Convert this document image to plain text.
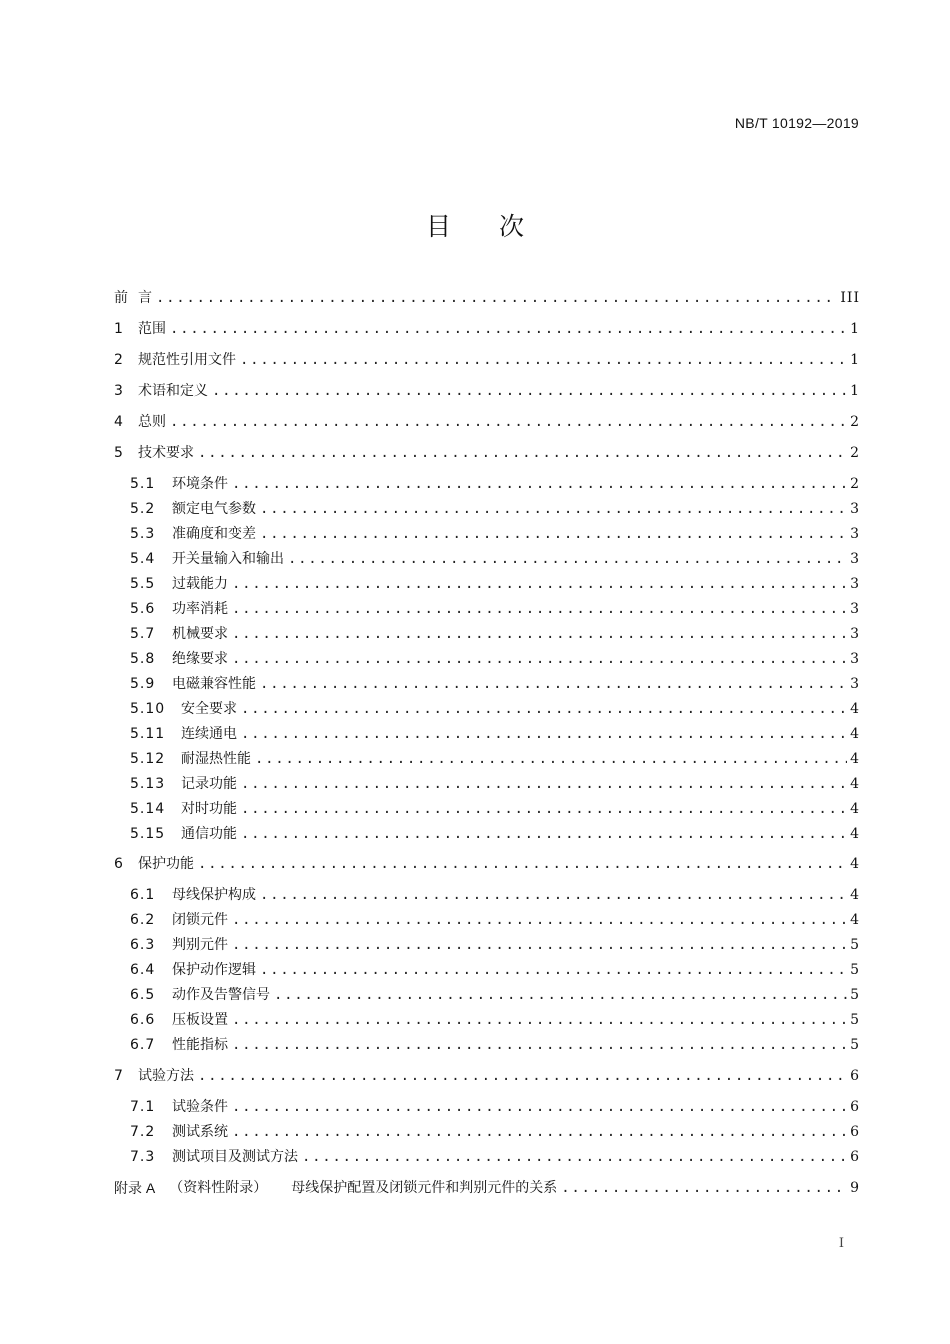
NB/T 10192—2019
目 次
前 言 .....	III
1	范围 .....	1
2	规范性引用文件 .....	1
3	术语和定义 .....	1
4	总则 .....	2
5	技术要求 .....	2
5.1	环境条件 .....	2
5.2	额定电气参数 .....	3
5.3	准确度和变差 .....	3
5.4	开关量输入和输出 .....	3
5.5	过载能力 .....	3
5.6	功率消耗 .....	3
5.7	机械要求 .....	3
5.8	绝缘要求 .....	3
5.9	电磁兼容性能 .....	3
5.10	安全要求 .....	4
5.11	连续通电 .....	4
5.12	耐湿热性能 .....	4
5.13	记录功能 .....	4
5.14	对时功能 .....	4
5.15	通信功能 .....	4
6	保护功能 .....	4
6.1	母线保护构成 .....	4
6.2	闭锁元件 .....	4
6.3	判别元件 .....	5
6.4	保护动作逻辑 .....	5
6.5	动作及告警信号 .....	5
6.6	压板设置 .....	5
6.7	性能指标 .....	5
7	试验方法 .....	6
7.1	试验条件 .....	6
7.2	测试系统 .....	6
7.3	测试项目及测试方法 .....	6
附录 A （资料性附录） 母线保护配置及闭锁元件和判别元件的关系 .....	9
I
